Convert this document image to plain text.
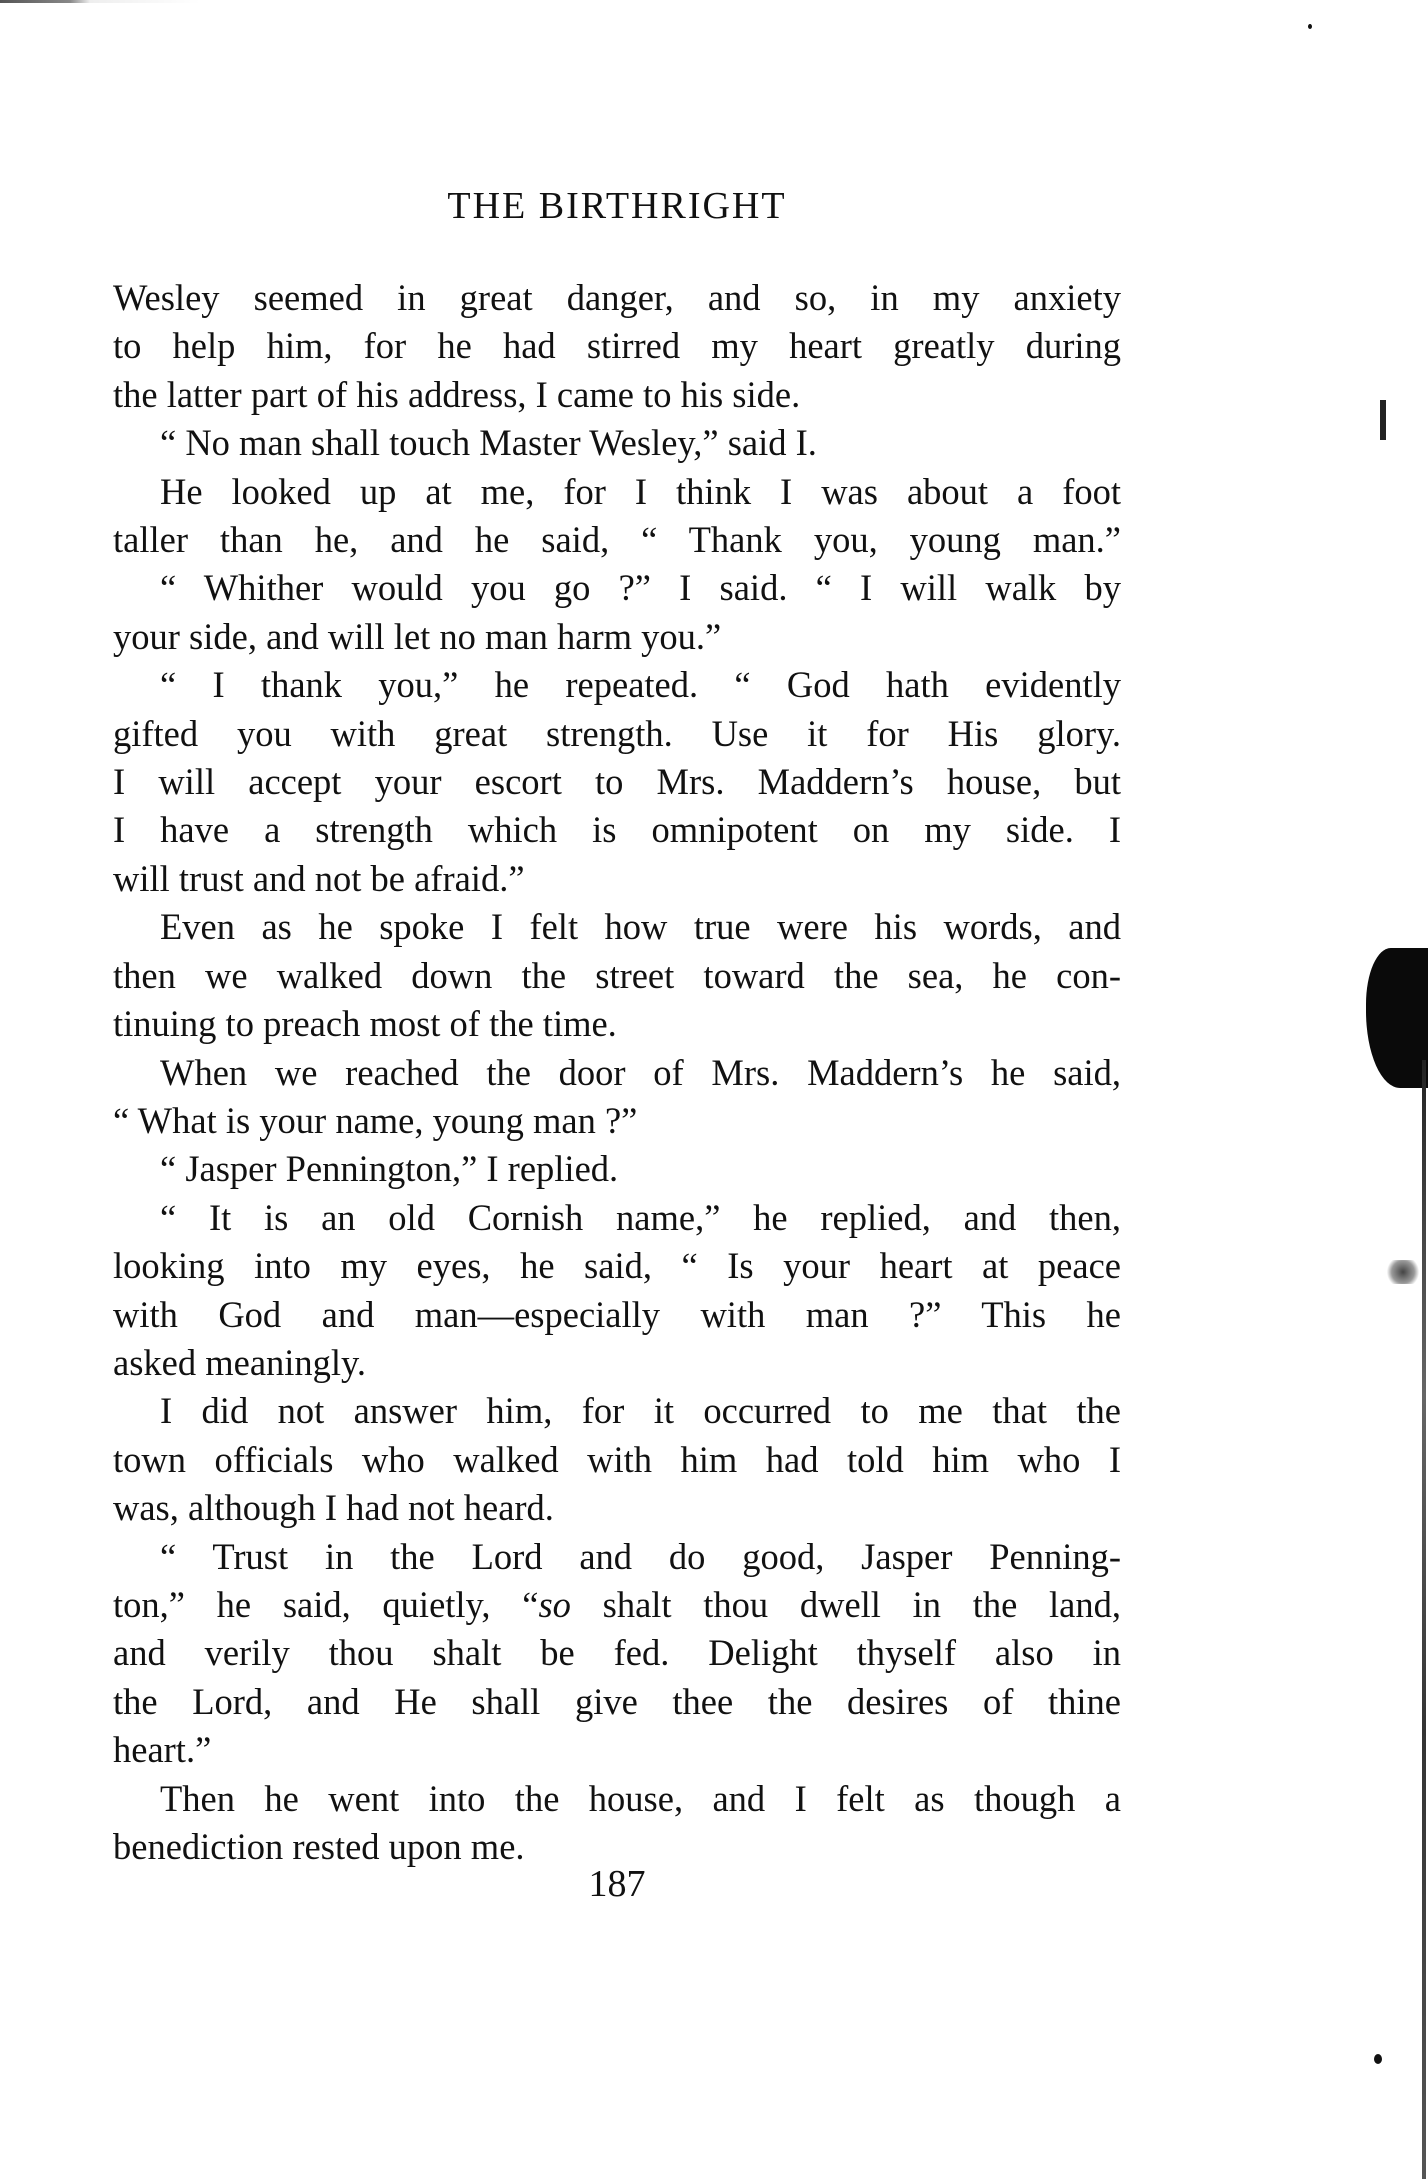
THE BIRTHRIGHT
Wesley seemed in great danger, and so, in my anxiety
to help him, for he had stirred my heart greatly during
the latter part of his address, I came to his side.
“ No man shall touch Master Wesley,” said I.
He looked up at me, for I think I was about a foot
taller than he, and he said, “ Thank you, young man.”
“ Whither would you go ?” I said. “ I will walk by
your side, and will let no man harm you.”
“ I thank you,” he repeated. “ God hath evidently
gifted you with great strength. Use it for His glory.
I will accept your escort to Mrs. Maddern’s house, but
I have a strength which is omnipotent on my side. I
will trust and not be afraid.”
Even as he spoke I felt how true were his words, and
then we walked down the street toward the sea, he con-
tinuing to preach most of the time.
When we reached the door of Mrs. Maddern’s he said,
“ What is your name, young man ?”
“ Jasper Pennington,” I replied.
“ It is an old Cornish name,” he replied, and then,
looking into my eyes, he said, “ Is your heart at peace
with God and man—especially with man ?” This he
asked meaningly.
I did not answer him, for it occurred to me that the
town officials who walked with him had told him who I
was, although I had not heard.
“ Trust in the Lord and do good, Jasper Penning-
ton,” he said, quietly, “so shalt thou dwell in the land,
and verily thou shalt be fed. Delight thyself also in
the Lord, and He shall give thee the desires of thine
heart.”
Then he went into the house, and I felt as though a
benediction rested upon me.
187
